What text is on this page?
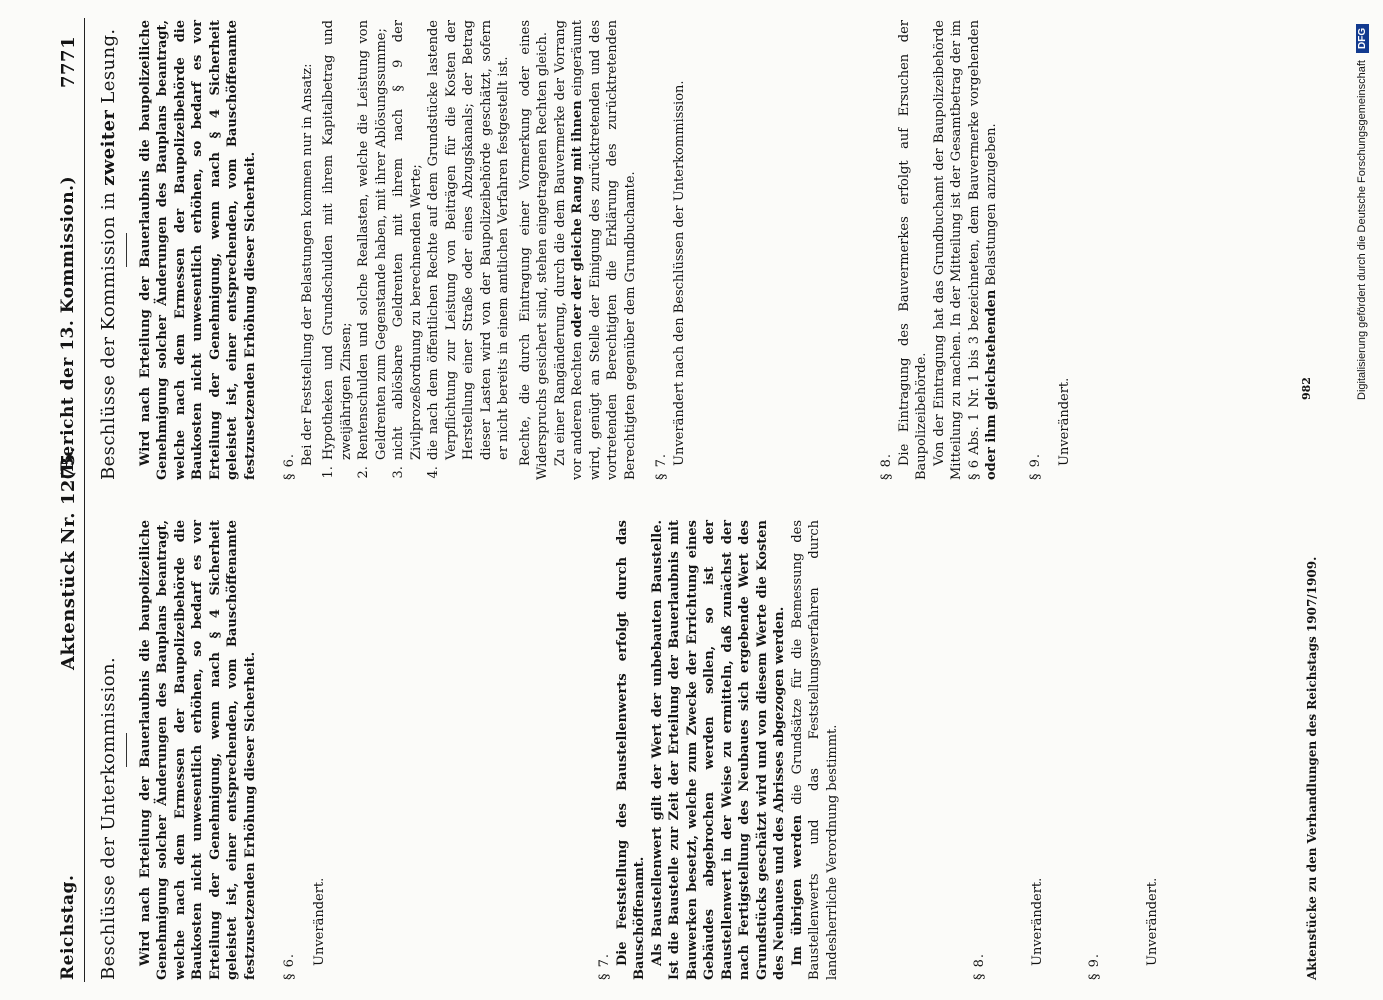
Reichstag.
Aktenstück Nr. 1275.
(Bericht der 13. Kommission.)
7771

Beschlüsse der Unterkommission. Wird nach Erteilung der Bauerlaubnis die baupolizeiliche Genehmigung solcher Änderungen des Bauplans beantragt, welche nach dem Ermessen der Baupolizeibehörde die Baukosten nicht unwesentlich erhöhen, so bedarf es vor Erteilung der Genehmigung, wenn nach § 4 Sicherheit geleistet ist, einer entsprechenden, vom Bauschöffenamte festzusetzenden Erhöhung dieser Sicherheit. § 6.

Unverändert.

§ 7.

Die Feststellung des Baustellenwerts erfolgt durch das Bauschöffenamt. Als Baustellenwert gilt der Wert der unbebauten Baustelle. Ist die Baustelle zur Zeit der Erteilung der Bauerlaubnis mit Bauwerken besetzt, welche zum Zwecke der Errichtung eines Gebäudes abgebrochen werden sollen, so ist der Baustellenwert in der Weise zu ermitteln, daß zunächst der nach Fertigstellung des Neubaues sich ergebende Wert des Grundstücks geschätzt wird und von diesem Werte die Kosten des Neubaues und des Abrisses abgezogen werden. Im übrigen werden die Grundsätze für die Bemessung des Baustellenwerts und das Feststellungsverfahren durch landesherrliche Verordnung bestimmt.	§ 8.

Unverändert.

§ 9.

Unverändert.

Beschlüsse der Kommission in zweiter Lesung. Wird nach Erteilung der Bauerlaubnis die baupolizeiliche Genehmigung solcher Änderungen des Bauplans beantragt, welche nach dem Ermessen der Baupolizeibehörde die Baukosten nicht unwesentlich erhöhen, so bedarf es vor Erteilung der Genehmigung, wenn nach § 4 Sicherheit geleistet ist, einer entsprechenden, vom Bauschöffenamte festzusetzenden Erhöhung dieser Sicherheit. § 6.

Bei der Feststellung der Belastungen kommen nur in Ansatz: 1. Hypotheken und Grundschulden mit ihrem Kapitalbetrag und zweijährigen Zinsen; 2. Rentenschulden und solche Reallasten, welche die Leistung von Geldrenten zum Gegenstande haben, mit ihrer Ablösungssumme; 3. nicht ablösbare Geldrenten mit ihrem nach § 9 der Zivilprozeßordnung zu berechnenden Werte; 4. die nach dem öffentlichen Rechte auf dem Grundstücke lastende Verpflichtung zur Leistung von Beiträgen für die Kosten der Herstellung einer Straße oder eines Abzugskanals; der Betrag dieser Lasten wird von der Baupolizeibehörde geschätzt, sofern er nicht bereits in einem amtlichen Verfahren festgestellt ist. Rechte, die durch Eintragung einer Vormerkung oder eines Widerspruchs gesichert sind, stehen eingetragenen Rechten gleich. Zu einer Rangänderung, durch die dem Bauvermerke der Vorrang vor anderen Rechten oder der gleiche Rang mit ihnen eingeräumt wird, genügt an Stelle der Einigung des zurücktretenden und des vortretenden Berechtigten die Erklärung des zurücktretenden Berechtigten gegenüber dem Grundbuchamte. § 7.

Unverändert nach den Beschlüssen der Unterkommission.

§ 8.

Die Eintragung des Bauvermerkes erfolgt auf Ersuchen der Baupolizeibehörde. Von der Eintragung hat das Grundbuchamt der Baupolizeibehörde Mitteilung zu machen. In der Mitteilung ist der Gesamtbetrag der im § 6 Abs. 1 Nr. 1 bis 3 bezeichneten, dem Bauvermerke vorgehenden oder ihm gleichstehenden Belastungen anzugeben.

§ 9.

Unverändert.

Aktenstücke zu den Verhandlungen des Reichstags 1907/1909.
982	Digitalisierung gefördert durch die Deutsche Forschungsgemeinschaft DFG
